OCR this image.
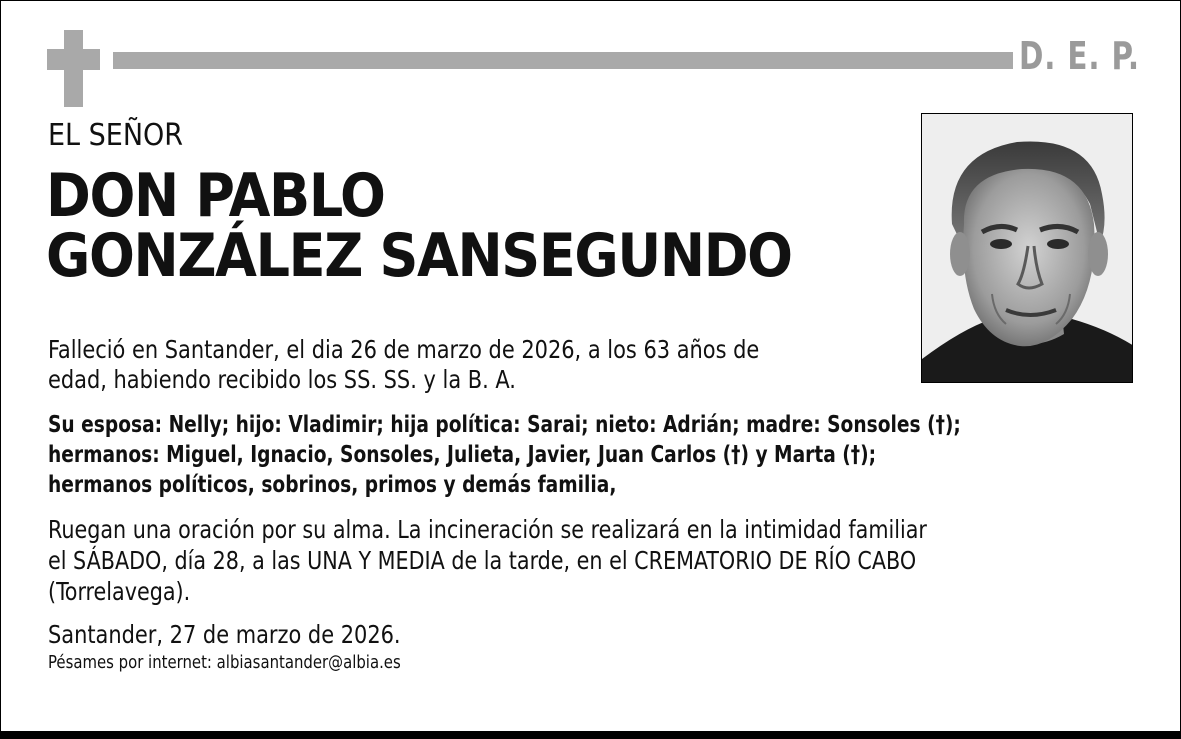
D. E. P.
EL SEÑOR
DON PABLO
GONZÁLEZ SANSEGUNDO
Falleció en Santander, el dia 26 de marzo de 2026, a los 63 años de
edad, habiendo recibido los SS. SS. y la B. A.
Su esposa: Nelly; hijo: Vladimir; hija política: Sarai; nieto: Adrián; madre: Sonsoles (†);
hermanos: Miguel, Ignacio, Sonsoles, Julieta, Javier, Juan Carlos (†) y Marta (†);
hermanos políticos, sobrinos, primos y demás familia,
Ruegan una oración por su alma. La incineración se realizará en la intimidad familiar
el SÁBADO, día 28, a las UNA Y MEDIA de la tarde, en el CREMATORIO DE RÍO CABO
(Torrelavega).
Santander, 27 de marzo de 2026.
Pésames por internet: albiasantander@albia.es
